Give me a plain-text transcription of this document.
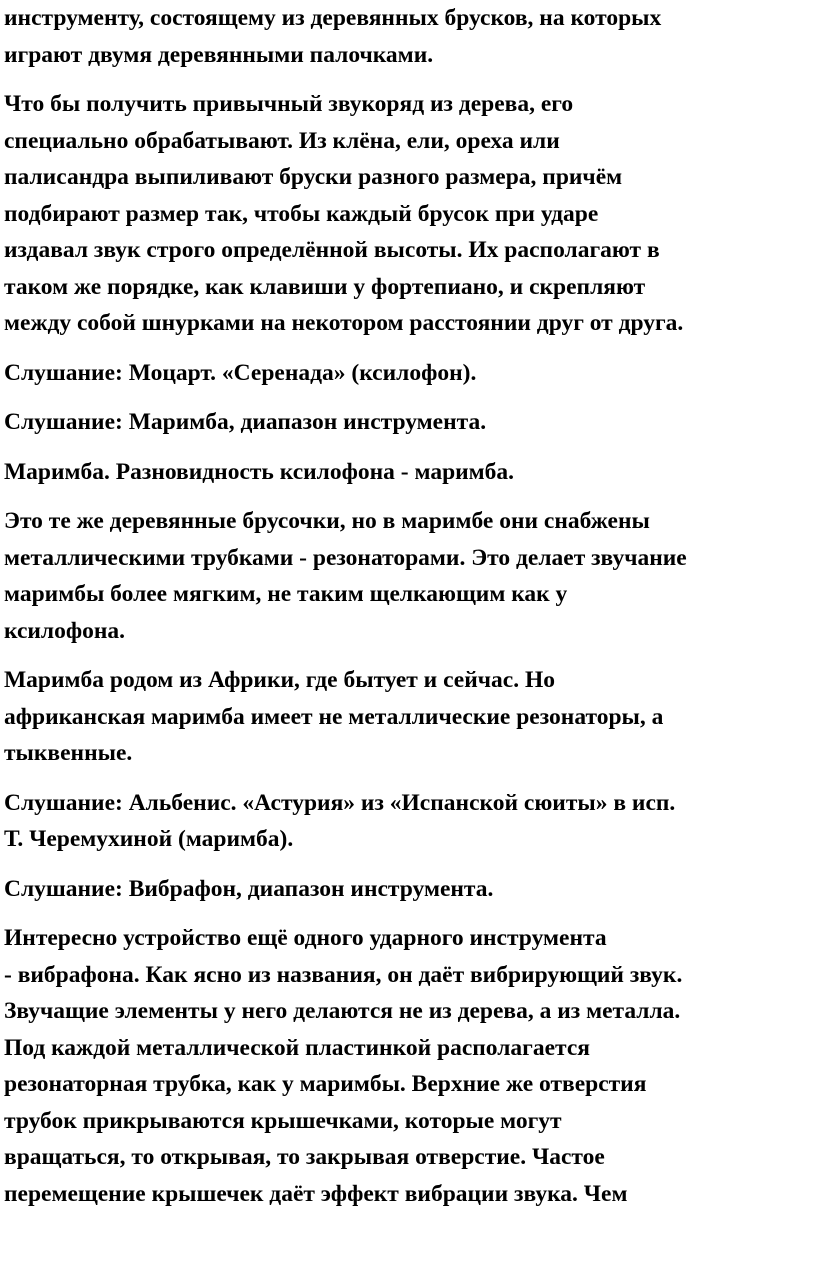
инструменту, состоящему из деревянных брусков, на которых
играют двумя деревянными палочками.
Что бы получить привычный звукоряд из дерева, его
специально обрабатывают. Из клёна, ели, ореха или
палисандра выпиливают бруски разного размера, причём
подбирают размер так, чтобы каждый брусок при ударе
издавал звук строго определённой высоты. Их располагают в
таком же порядке, как клавиши у фортепиано, и скрепляют
между собой шнурками на некотором расстоянии друг от друга.
Слушание: Моцарт. «Серенада» (ксилофон).
Слушание: Маримба, диапазон инструмента.
Маримба. Разновидность ксилофона - маримба.
Это те же деревянные брусочки, но в маримбе они снабжены
металлическими трубками - резонаторами. Это делает звучание
маримбы более мягким, не таким щелкающим как у
ксилофона.
Маримба родом из Африки, где бытует и сейчас. Но
африканская маримба имеет не металлические резонаторы, а
тыквенные.
Слушание: Альбенис. «Астурия» из «Испанской сюиты» в исп.
Т. Черемухиной (маримба).
Слушание: Вибрафон, диапазон инструмента.
Интересно устройство ещё одного ударного инструмента
- вибрафона. Как ясно из названия, он даёт вибрирующий звук.
Звучащие элементы у него делаются не из дерева, а из металла.
Под каждой металлической пластинкой располагается
резонаторная трубка, как у маримбы. Верхние же отверстия
трубок прикрываются крышечками, которые могут
вращаться, то открывая, то закрывая отверстие. Частое
перемещение крышечек даёт эффект вибрации звука. Чем
